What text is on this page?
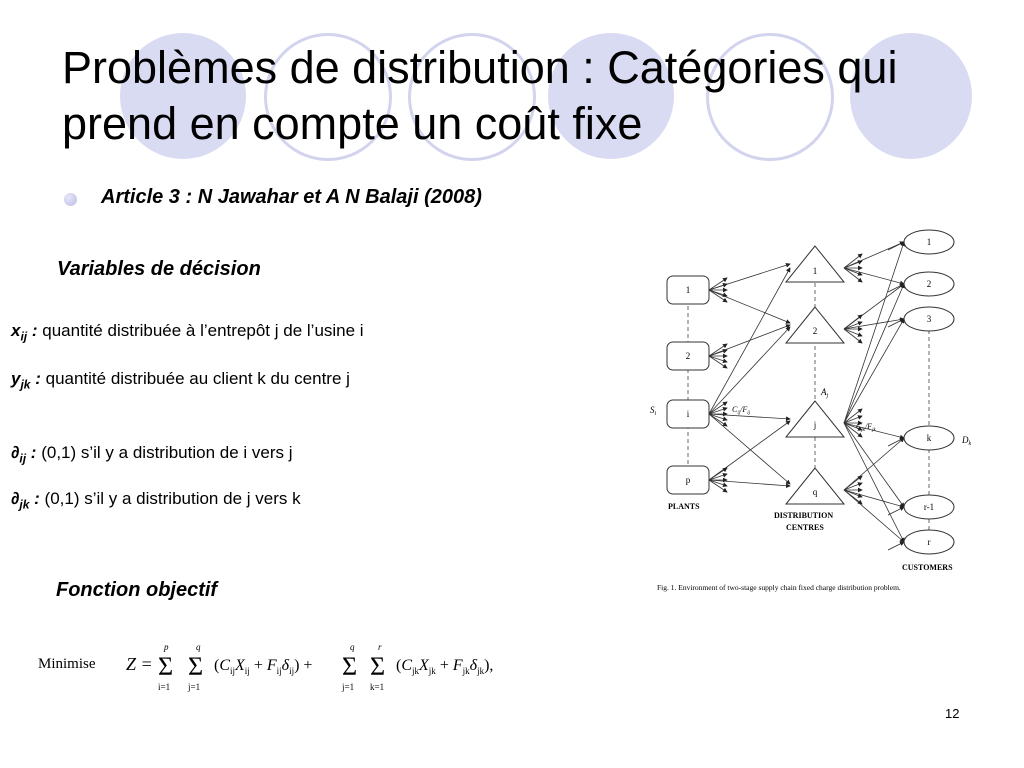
Problèmes de distribution : Catégories qui prend en compte un coût fixe
Article 3 : N Jawahar et A N Balaji (2008)
Variables de décision
$x_{ij}$ : quantité distribuée à l’entrepôt j de l’usine i
$y_{jk}$ : quantité distribuée au client k du centre j
$\partial_{ij}$ : (0,1) s’il y a distribution de i vers j
$\partial_{jk}$ : (0,1) s’il y a distribution de j vers k
Fonction objectif
Minimise Z =
p
Σ
i=1
q
Σ
j=1
$(C_{ij}X_{ij} + F_{ij}\delta_{ij})$ +
q
Σ
j=1
r
Σ
k=1
$(C_{jk}X_{jk} + F_{jk}\delta_{jk})$,
1
2
i
p
$S_i$
PLANTS
1
2
j
q
$A_j$
DISTRIBUTION
CENTRES
$C_{ij}/F_{ij}$
$C_{jk}/F_{jk}$
1
2
3
k
r-1
r
$D_k$
CUSTOMERS
Fig. 1. Environment of two-stage supply chain fixed charge distribution problem.
12
